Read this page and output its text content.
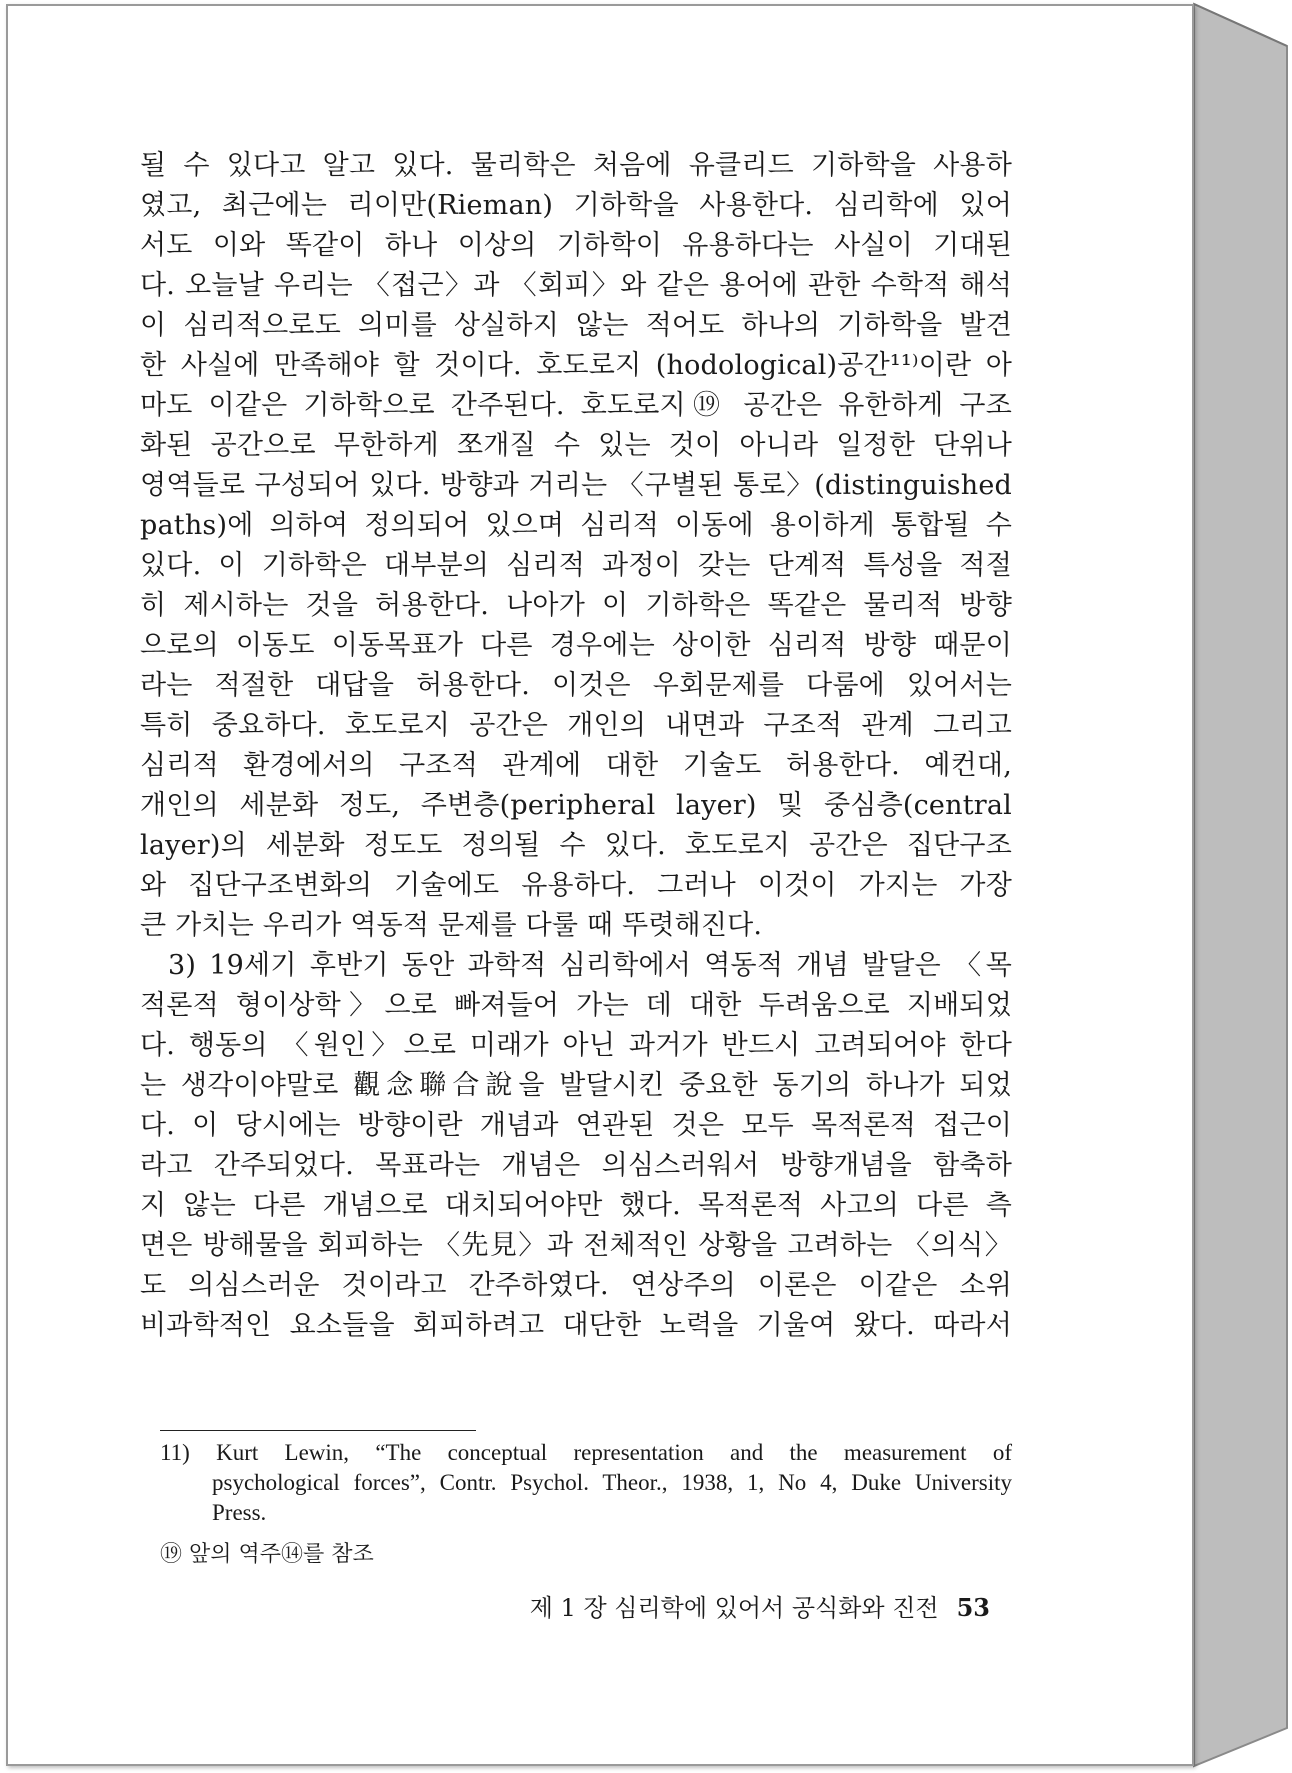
될 수 있다고 알고 있다. 물리학은 처음에 유클리드 기하학을 사용하
였고, 최근에는 리이만(Rieman) 기하학을 사용한다. 심리학에 있어
서도 이와 똑같이 하나 이상의 기하학이 유용하다는 사실이 기대된
다. 오늘날 우리는 〈접근〉과 〈회피〉와 같은 용어에 관한 수학적 해석
이 심리적으로도 의미를 상실하지 않는 적어도 하나의 기하학을 발견
한 사실에 만족해야 할 것이다. 호도로지 (hodological)공간¹¹⁾이란 아
마도 이같은 기하학으로 간주된다. 호도로지⑲ 공간은 유한하게 구조
화된 공간으로 무한하게 쪼개질 수 있는 것이 아니라 일정한 단위나
영역들로 구성되어 있다. 방향과 거리는 〈구별된 통로〉(distinguished
paths)에 의하여 정의되어 있으며 심리적 이동에 용이하게 통합될 수
있다. 이 기하학은 대부분의 심리적 과정이 갖는 단계적 특성을 적절
히 제시하는 것을 허용한다. 나아가 이 기하학은 똑같은 물리적 방향
으로의 이동도 이동목표가 다른 경우에는 상이한 심리적 방향 때문이
라는 적절한 대답을 허용한다. 이것은 우회문제를 다룸에 있어서는
특히 중요하다. 호도로지 공간은 개인의 내면과 구조적 관계 그리고
심리적 환경에서의 구조적 관계에 대한 기술도 허용한다. 예컨대,
개인의 세분화 정도, 주변층(peripheral layer) 및 중심층(central
layer)의 세분화 정도도 정의될 수 있다. 호도로지 공간은 집단구조
와 집단구조변화의 기술에도 유용하다. 그러나 이것이 가지는 가장
큰 가치는 우리가 역동적 문제를 다룰 때 뚜렷해진다.
3) 19세기 후반기 동안 과학적 심리학에서 역동적 개념 발달은 〈목
적론적 형이상학〉으로 빠져들어 가는 데 대한 두려움으로 지배되었
다. 행동의 〈원인〉으로 미래가 아닌 과거가 반드시 고려되어야 한다
는 생각이야말로 觀念聯合說을 발달시킨 중요한 동기의 하나가 되었
다. 이 당시에는 방향이란 개념과 연관된 것은 모두 목적론적 접근이
라고 간주되었다. 목표라는 개념은 의심스러워서 방향개념을 함축하
지 않는 다른 개념으로 대치되어야만 했다. 목적론적 사고의 다른 측
면은 방해물을 회피하는 〈先見〉과 전체적인 상황을 고려하는 〈의식〉
도 의심스러운 것이라고 간주하였다. 연상주의 이론은 이같은 소위
비과학적인 요소들을 회피하려고 대단한 노력을 기울여 왔다. 따라서
11) Kurt Lewin, “The conceptual representation and the measurement of
psychological forces”, Contr. Psychol. Theor., 1938, 1, No 4, Duke University
Press.
⑲ 앞의 역주⑭를 참조
제 1 장 심리학에 있어서 공식화와 진전 53
